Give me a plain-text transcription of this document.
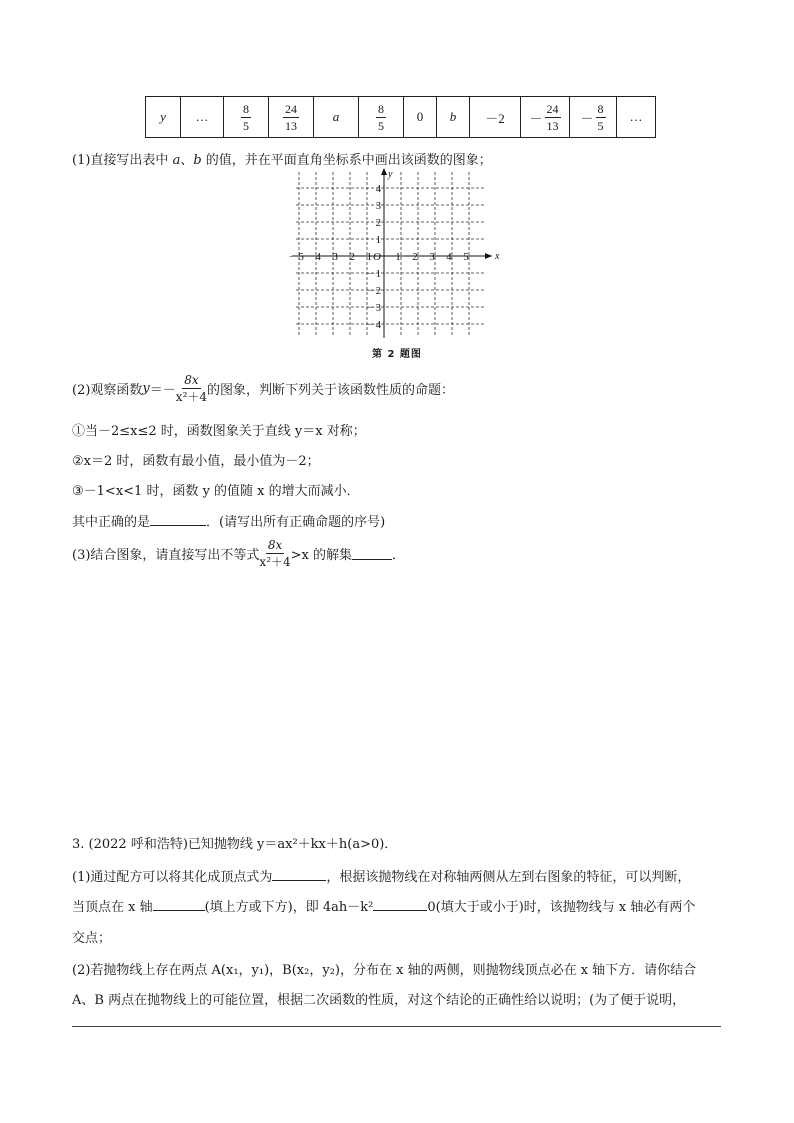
y	…	$\frac{8}{5}$	$\frac{24}{13}$	a	$\frac{8}{5}$	0	b	－2	－ $\frac{24}{13}$	－ $\frac{8}{5}$	…
(1)直接写出表中 a、b 的值，并在平面直角坐标系中画出该函数的图象；
－5 －4 －3 －2 －1 1 2 3 4 5
4
3
2
1
－1
－2
－3
－4
O	x
y
第 2 题图
(2)观察函数 $y =- \frac{8x}{\text{x²＋4}}$ 的图象，判断下列关于该函数性质的命题：
①当－2≤x≤2 时，函数图象关于直线 y＝x 对称；
②x＝2 时，函数有最小值，最小值为－2；
③－1<x<1 时，函数 y 的值随 x 的增大而减小．
其中正确的是	．(请写出所有正确命题的序号)
(3)结合图象，请直接写出不等式 $\frac{8x}{\text{x²＋4}} >x$ 的解集	．
3. (2022 呼和浩特)已知抛物线 y＝ax²＋kx＋h(a>0)．
(1)通过配方可以将其化成顶点式为	，根据该抛物线在对称轴两侧从左到右图象的特征，可以判断，
当顶点在 x 轴	(填上方或下方)，即 4ah－k²	0(填大于或小于)时，该抛物线与 x 轴必有两个
交点；
(2)若抛物线上存在两点 A(x₁，y₁)，B(x₂，y₂)，分布在 x 轴的两侧，则抛物线顶点必在 x 轴下方．请你结合
A、B 两点在抛物线上的可能位置，根据二次函数的性质，对这个结论的正确性给以说明；(为了便于说明，
